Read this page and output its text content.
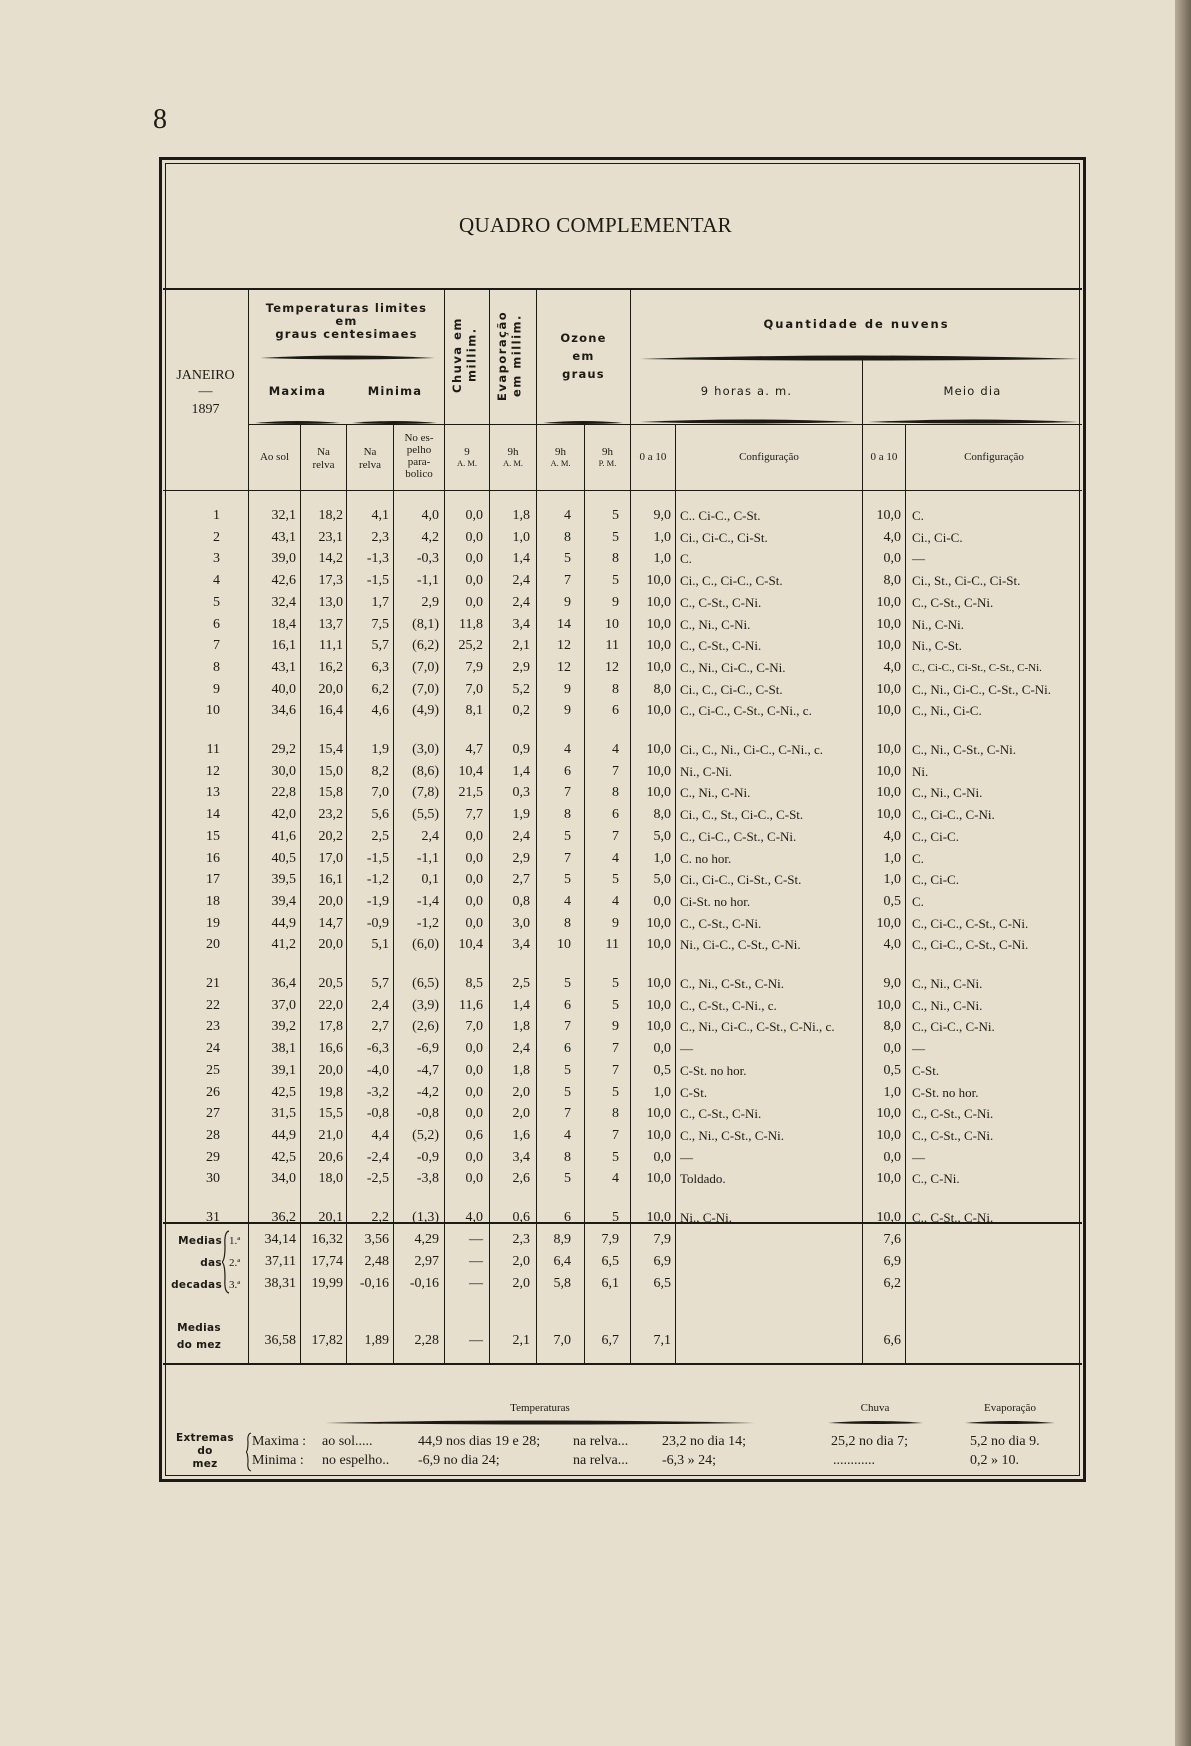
8
QUADRO COMPLEMENTAR
JANEIRO
—
1897
Temperaturas limites
em
graus centesimaes
Maxima	Minima	Chuva em millim. Evaporação em millim.	Ozone
em
graus
Quantidade de nuvens
9 horas a. m.	Meio dia
Ao sol	Na
relva
Na
relva
No es-
pelho
para-
bolico
9
A. M.
9h
A. M.
9h
A. M.
9h
P. M.	0 a 10	Configuração	0 a 10	Configuração
1	32,1	18,2	4,1	4,0	0,0	1,8	4	5	9,0 C.. Ci-C., C-St.	10,0 C.
2	43,1	23,1	2,3	4,2	0,0	1,0	8	5	1,0 Ci., Ci-C., Ci-St.	4,0 Ci., Ci-C.
3	39,0	14,2	-1,3	-0,3	0,0	1,4	5	8	1,0 C.	0,0 —
4	42,6	17,3	-1,5	-1,1	0,0	2,4	7	5	10,0 Ci., C., Ci-C., C-St.	8,0 Ci., St., Ci-C., Ci-St.
5	32,4	13,0	1,7	2,9	0,0	2,4	9	9	10,0 C., C-St., C-Ni.	10,0 C., C-St., C-Ni.
6	18,4	13,7	7,5	(8,1)	11,8	3,4	14	10	10,0 C., Ni., C-Ni.	10,0 Ni., C-Ni.
7	16,1	11,1	5,7	(6,2)	25,2	2,1	12	11	10,0 C., C-St., C-Ni.	10,0 Ni., C-St.
8	43,1	16,2	6,3	(7,0)	7,9	2,9	12	12	10,0 C., Ni., Ci-C., C-Ni.	4,0 C., Ci-C., Ci-St., C-St., C-Ni.
9	40,0	20,0	6,2	(7,0)	7,0	5,2	9	8	8,0 Ci., C., Ci-C., C-St.	10,0 C., Ni., Ci-C., C-St., C-Ni.
10	34,6	16,4	4,6	(4,9)	8,1	0,2	9	6	10,0 C., Ci-C., C-St., C-Ni., c.	10,0 C., Ni., Ci-C.
11	29,2	15,4	1,9	(3,0)	4,7	0,9	4	4	10,0 Ci., C., Ni., Ci-C., C-Ni., c.	10,0 C., Ni., C-St., C-Ni.
12	30,0	15,0	8,2	(8,6)	10,4	1,4	6	7	10,0 Ni., C-Ni.	10,0 Ni.
13	22,8	15,8	7,0	(7,8)	21,5	0,3	7	8	10,0 C., Ni., C-Ni.	10,0 C., Ni., C-Ni.
14	42,0	23,2	5,6	(5,5)	7,7	1,9	8	6	8,0 Ci., C., St., Ci-C., C-St.	10,0 C., Ci-C., C-Ni.
15	41,6	20,2	2,5	2,4	0,0	2,4	5	7	5,0 C., Ci-C., C-St., C-Ni.	4,0 C., Ci-C.
16	40,5	17,0	-1,5	-1,1	0,0	2,9	7	4	1,0 C. no hor.	1,0 C.
17	39,5	16,1	-1,2	0,1	0,0	2,7	5	5	5,0 Ci., Ci-C., Ci-St., C-St.	1,0 C., Ci-C.
18	39,4	20,0	-1,9	-1,4	0,0	0,8	4	4	0,0 Ci-St. no hor.	0,5 C.
19	44,9	14,7	-0,9	-1,2	0,0	3,0	8	9	10,0 C., C-St., C-Ni.	10,0 C., Ci-C., C-St., C-Ni.
20	41,2	20,0	5,1	(6,0)	10,4	3,4	10	11	10,0 Ni., Ci-C., C-St., C-Ni.	4,0 C., Ci-C., C-St., C-Ni.
21	36,4	20,5	5,7	(6,5)	8,5	2,5	5	5	10,0 C., Ni., C-St., C-Ni.	9,0 C., Ni., C-Ni.
22	37,0	22,0	2,4	(3,9)	11,6	1,4	6	5	10,0 C., C-St., C-Ni., c.	10,0 C., Ni., C-Ni.
23	39,2	17,8	2,7	(2,6)	7,0	1,8	7	9	10,0 C., Ni., Ci-C., C-St., C-Ni., c.	8,0 C., Ci-C., C-Ni.
24	38,1	16,6	-6,3	-6,9	0,0	2,4	6	7	0,0 —	0,0 —
25	39,1	20,0	-4,0	-4,7	0,0	1,8	5	7	0,5 C-St. no hor.	0,5 C-St.
26	42,5	19,8	-3,2	-4,2	0,0	2,0	5	5	1,0 C-St.	1,0 C-St. no hor.
27	31,5	15,5	-0,8	-0,8	0,0	2,0	7	8	10,0 C., C-St., C-Ni.	10,0 C., C-St., C-Ni.
28	44,9	21,0	4,4	(5,2)	0,6	1,6	4	7	10,0 C., Ni., C-St., C-Ni.	10,0 C., C-St., C-Ni.
29	42,5	20,6	-2,4	-0,9	0,0	3,4	8	5	0,0 —	0,0 —
30	34,0	18,0	-2,5	-3,8	0,0	2,6	5	4	10,0 Toldado.	10,0 C., C-Ni.
31	36,2	20,1	2,2	(1,3)	4,0	0,6	6	5	10,0 Ni., C-Ni.	10,0 C., C-St., C-Ni.
Medias
das
decadas
1.ª
2.ª
3.ª
34,14	16,32	3,56	4,29	—	2,3	8,9	7,9	7,9	7,6
37,11	17,74	2,48	2,97	—	2,0	6,4	6,5	6,9	6,9
38,31	19,99	-0,16	-0,16	—	2,0	5,8	6,1	6,5	6,2
Medias
do mez	36,58	17,82	1,89	2,28	—	2,1	7,0	6,7	7,1	6,6
Temperaturas	Chuva	Evaporação
Extremas
do
mez
Maxima : ao sol.....	44,9 nos dias 19 e 28; na relva... 23,2 no dia 14;	25,2 no dia 7;	5,2 no dia 9.
Minima : no espelho.. -6,9 no dia 24;	na relva... -6,3 » 24;	............	0,2 » 10.
